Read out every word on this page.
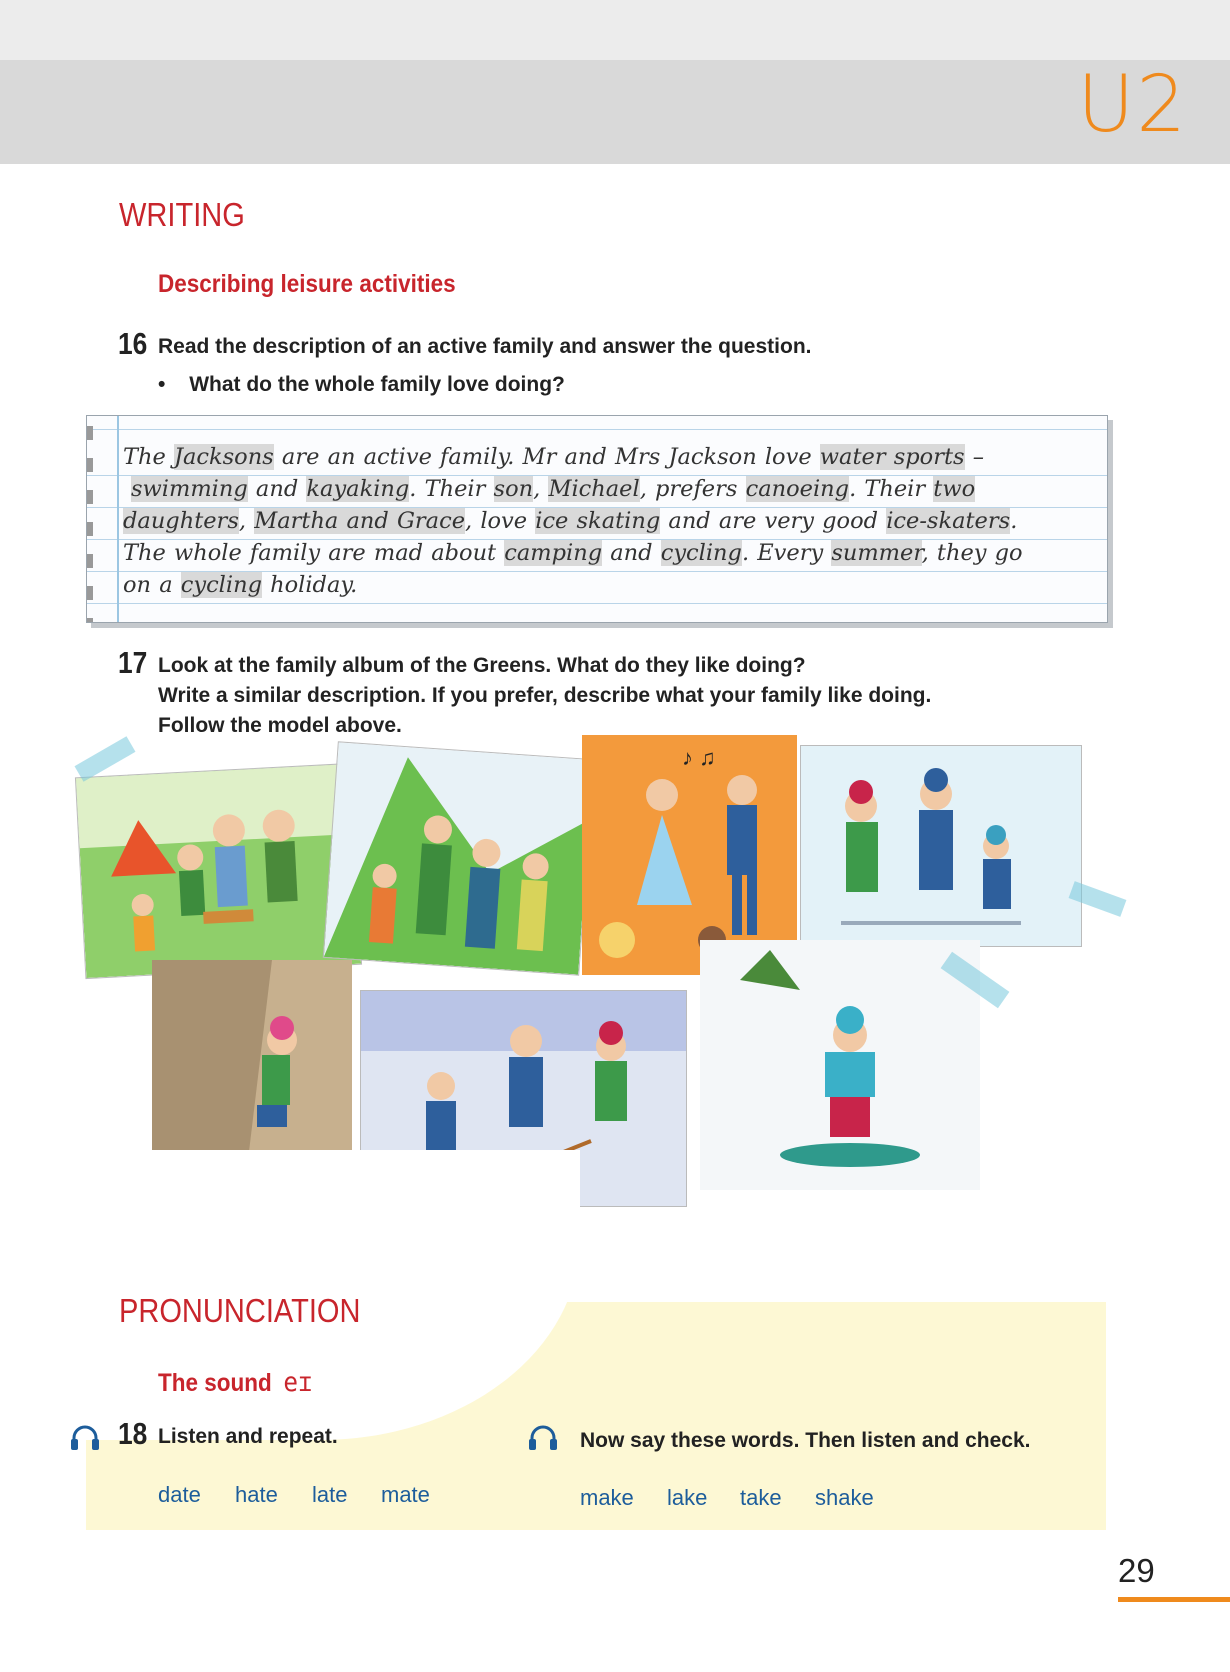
U2
WRITING
Describing leisure activities
16 Read the description of an active family and answer the question.
• What do the whole family love doing?
The Jacksons are an active family. Mr and Mrs Jackson love water sports –
swimming and kayaking. Their son, Michael, prefers canoeing. Their two
daughters, Martha and Grace, love ice skating and are very good ice-skaters.
The whole family are mad about camping and cycling. Every summer, they go
on a cycling holiday.
17 Look at the family album of the Greens. What do they like doing?
Write a similar description. If you prefer, describe what your family like doing.
Follow the model above.
♪ ♫
PRONUNCIATION
The sound eɪ
18 Listen and repeat.
date hate late mate
Now say these words. Then listen and check.
make lake take shake
29
